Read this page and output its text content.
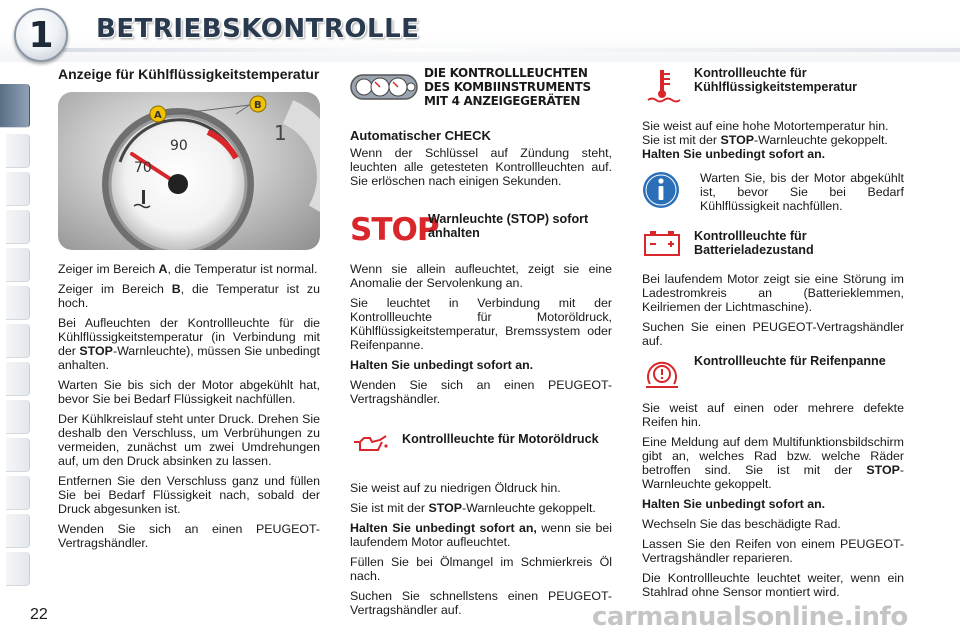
1 BETRIEBSKONTROLLE
Anzeige für Kühlflüssigkeitstemperatur
70
90
1
A
B

Zeiger im Bereich A, die Temperatur ist normal.

Zeiger im Bereich B, die Temperatur ist zu hoch.

Bei Aufleuchten der Kontrollleuchte für die Kühlflüssigkeitstemperatur (in Verbindung mit der STOP-Warnleuchte), müssen Sie unbedingt anhalten.

Warten Sie bis sich der Motor abgekühlt hat, bevor Sie bei Bedarf Flüssigkeit nachfüllen.

Der Kühlkreislauf steht unter Druck. Drehen Sie deshalb den Verschluss, um Verbrühungen zu vermeiden, zunächst um zwei Umdrehungen auf, um den Druck absinken zu lassen.

Entfernen Sie den Verschluss ganz und füllen Sie bei Bedarf Flüssigkeit nach, sobald der Druck abgesunken ist.

Wenden Sie sich an einen PEUGEOT-Vertragshändler.

DIE KONTROLLLEUCHTEN DES KOMBIINSTRUMENTS MIT 4 ANZEIGEGERÄTEN
Automatischer CHECK

Wenn der Schlüssel auf Zündung steht, leuchten alle getesteten Kontrollleuchten auf. Sie erlöschen nach einigen Sekunden.

STOP
Warnleuchte (STOP) sofort anhalten

Wenn sie allein aufleuchtet, zeigt sie eine Anomalie der Servolenkung an.

Sie leuchtet in Verbindung mit der Kontrollleuchte für Motoröldruck, Kühlflüssigkeitstemperatur, Bremssystem oder Reifenpanne.

Halten Sie unbedingt sofort an.

Wenden Sie sich an einen PEUGEOT-Vertragshändler.

Kontrollleuchte für Motoröldruck

Sie weist auf zu niedrigen Öldruck hin.

Sie ist mit der STOP-Warnleuchte gekoppelt.

Halten Sie unbedingt sofort an, wenn sie bei laufendem Motor aufleuchtet.

Füllen Sie bei Ölmangel im Schmierkreis Öl nach.

Suchen Sie schnellstens einen PEUGEOT-Vertragshändler auf.

Kontrollleuchte für Kühlflüssigkeitstemperatur

Sie weist auf eine hohe Motortemperatur hin.

Sie ist mit der STOP-Warnleuchte gekoppelt.

Halten Sie unbedingt sofort an.

Warten Sie, bis der Motor abgekühlt ist, bevor Sie bei Bedarf Kühlflüssigkeit nachfüllen.
Kontrollleuchte für Batterieladezustand

Bei laufendem Motor zeigt sie eine Störung im Ladestromkreis an (Batterieklemmen, Keilriemen der Lichtmaschine).

Suchen Sie einen PEUGEOT-Vertragshändler auf.

Kontrollleuchte für Reifenpanne

Sie weist auf einen oder mehrere defekte Reifen hin.

Eine Meldung auf dem Multifunktionsbildschirm gibt an, welches Rad bzw. welche Räder betroffen sind. Sie ist mit der STOP-Warnleuchte gekoppelt.

Halten Sie unbedingt sofort an.

Wechseln Sie das beschädigte Rad.

Lassen Sie den Reifen von einem PEUGEOT-Vertragshändler reparieren.

Die Kontrollleuchte leuchtet weiter, wenn ein Stahlrad ohne Sensor montiert wird.

22	carmanualsonline.info
